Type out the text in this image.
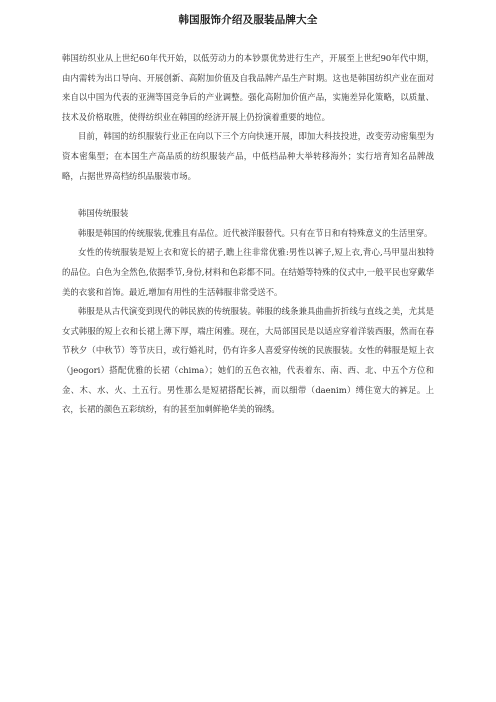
韩国服饰介绍及服装品牌大全

韩国纺织业从上世纪60年代开始，以低劳动力的本钞票优势进行生产，开展至上世纪90年代中期，由内需转为出口导向、开展创新、高附加价值及自我品牌产品生产时期。这也是韩国纺织产业在面对来自以中国为代表的亚洲等国竞争后的产业调整。强化高附加价值产品，实施差异化策略，以质量、技术及价格取胜，使得纺织业在韩国的经济开展上仍扮演着重要的地位。

目前，韩国的纺织服装行业正在向以下三个方向快速开展，即加大科技投进，改变劳动密集型为资本密集型；在本国生产高品质的纺织服装产品，中低档品种大举转移海外；实行培育知名品牌战略，占据世界高档纺织品服装市场。

韩国传统服装

韩服是韩国的传统服装,优雅且有品位。近代被洋服替代。只有在节日和有特殊意义的生活里穿。

女性的传统服装是短上衣和宽长的裙子,瞧上往非常优雅:男性以裤子,短上衣,背心,马甲显出独特的品位。白色为全然色,依据季节,身份,材料和色彩都不同。在结婚等特殊的仪式中,一般平民也穿戴华美的衣裳和首饰。最近,增加有用性的生活韩服非常受送不。

韩服是从古代演变到现代的韩民族的传统服装。韩服的线条兼具曲曲折折线与直线之美，尤其是女式韩服的短上衣和长裙上薄下厚，端庄闲雅。现在，大局部国民是以适应穿着洋装西服，然而在春节秋夕（中秋节）等节庆日，或行婚礼时，仍有许多人喜爱穿传统的民族服装。女性的韩服是短上衣（jeogori）搭配优雅的长裙（chima）；她们的五色衣袖，代表着东、南、西、北、中五个方位和金、木、水、火、土五行。男性那么是短裙搭配长裤，而以细带（daenim）缚住宽大的裤足。上衣，长裙的颜色五彩缤纷，有的甚至加刺鲜艳华美的锦绣。
